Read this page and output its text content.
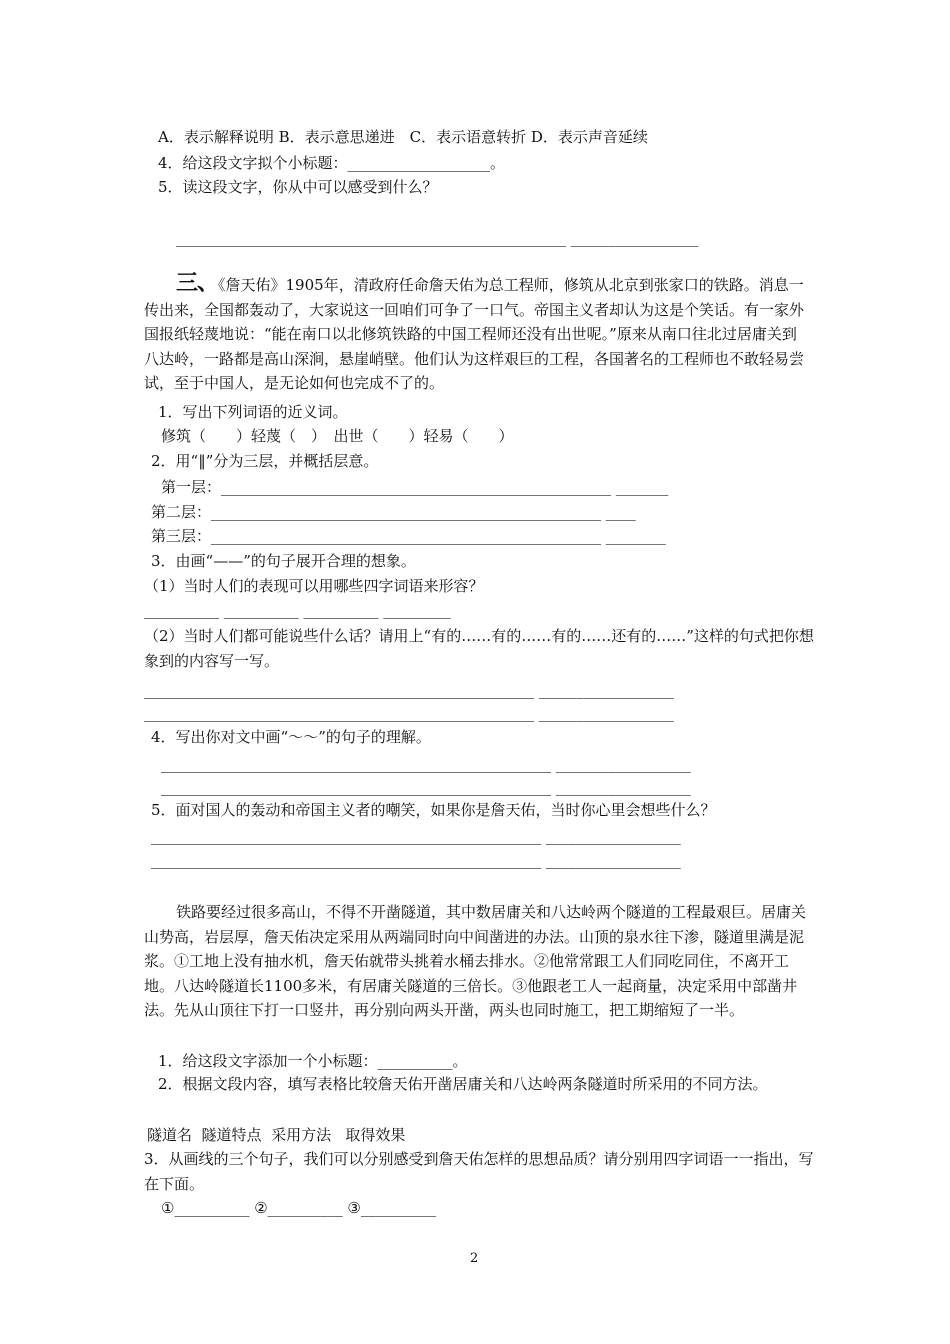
A．表示解释说明 B．表示意思递进　C．表示语意转折 D．表示声音延续
4．给这段文字拟个小标题：___________________。
5．读这段文字，你从中可以感受到什么？
____________________________________________________ _________________
三、《詹天佑》1905年，清政府任命詹天佑为总工程师，修筑从北京到张家口的铁路。消息一传出来，全国都轰动了，大家说这一回咱们可争了一口气。帝国主义者却认为这是个笑话。有一家外国报纸轻蔑地说：“能在南口以北修筑铁路的中国工程师还没有出世呢。”原来从南口往北过居庸关到八达岭，一路都是高山深涧，悬崖峭壁。他们认为这样艰巨的工程，各国著名的工程师也不敢轻易尝试，至于中国人，是无论如何也完成不了的。
1．写出下列词语的近义词。
修筑（　　）轻蔑（　）　出世（　　）轻易（　　）
2．用“‖”分为三层，并概括层意。
第一层：____________________________________________________ _______
第二层：____________________________________________________ ____
第三层：____________________________________________________ ________
3．由画“——”的句子展开合理的想象。
（1）当时人们的表现可以用哪些四字词语来形容？
__________ __________ __________ _________
（2）当时人们都可能说些什么话？请用上“有的……有的……有的……还有的……”这样的句式把你想象到的内容写一写。
____________________________________________________ __________________
____________________________________________________ __________________
4．写出你对文中画“～～”的句子的理解。
____________________________________________________ __________________
____________________________________________________ __________________
5．面对国人的轰动和帝国主义者的嘲笑，如果你是詹天佑，当时你心里会想些什么？
____________________________________________________ __________________
____________________________________________________ __________________
铁路要经过很多高山，不得不开凿隧道，其中数居庸关和八达岭两个隧道的工程最艰巨。居庸关山势高，岩层厚，詹天佑决定采用从两端同时向中间凿进的办法。山顶的泉水往下渗，隧道里满是泥浆。①工地上没有抽水机，詹天佑就带头挑着水桶去排水。②他常常跟工人们同吃同住，不离开工地。八达岭隧道长1100多米，有居庸关隧道的三倍长。③他跟老工人一起商量，决定采用中部凿井法。先从山顶往下打一口竖井，再分别向两头开凿，两头也同时施工，把工期缩短了一半。
1．给这段文字添加一个小标题：__________。
2．根据文段内容，填写表格比较詹天佑开凿居庸关和八达岭两条隧道时所采用的不同方法。
隧道名  隧道特点  采用方法   取得效果
3．从画线的三个句子，我们可以分别感受到詹天佑怎样的思想品质？请分别用四字词语一一指出，写在下面。
①__________ ②__________ ③__________
2
